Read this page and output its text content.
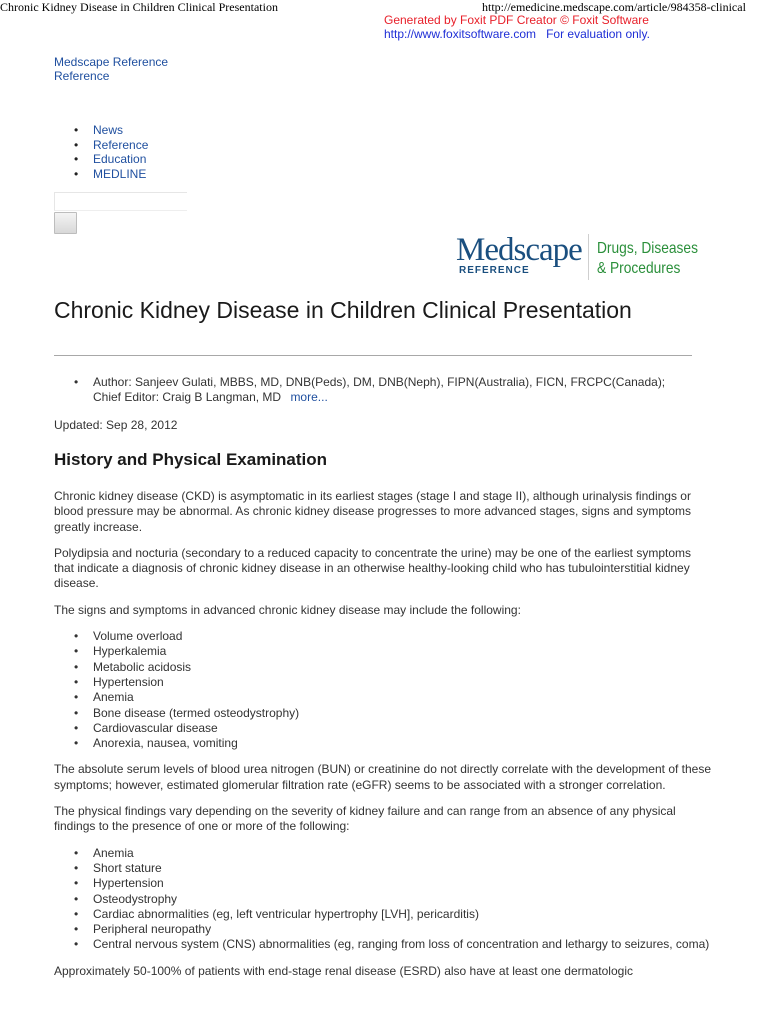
Chronic Kidney Disease in Children Clinical Presentation	http://emedicine.medscape.com/article/984358-clinical
Generated by Foxit PDF Creator © Foxit Software
http://www.foxitsoftware.com For evaluation only.
Medscape Reference
Reference
• News
• Reference
• Education
• MEDLINE
Medscape
REFERENCE
Drugs, Diseases
& Procedures
Chronic Kidney Disease in Children Clinical Presentation
• Author: Sanjeev Gulati, MBBS, MD, DNB(Peds), DM, DNB(Neph), FIPN(Australia), FICN, FRCPC(Canada);
Chief Editor: Craig B Langman, MD more...
Updated: Sep 28, 2012
History and Physical Examination

Chronic kidney disease (CKD) is asymptomatic in its earliest stages (stage I and stage II), although urinalysis findings or blood pressure may be abnormal. As chronic kidney disease progresses to more advanced stages, signs and symptoms greatly increase.

Polydipsia and nocturia (secondary to a reduced capacity to concentrate the urine) may be one of the earliest symptoms that indicate a diagnosis of chronic kidney disease in an otherwise healthy-looking child who has tubulointerstitial kidney disease.

The signs and symptoms in advanced chronic kidney disease may include the following:

• Volume overload
• Hyperkalemia
• Metabolic acidosis
• Hypertension
• Anemia
• Bone disease (termed osteodystrophy)
• Cardiovascular disease
• Anorexia, nausea, vomiting

The absolute serum levels of blood urea nitrogen (BUN) or creatinine do not directly correlate with the development of these symptoms; however, estimated glomerular filtration rate (eGFR) seems to be associated with a stronger correlation.

The physical findings vary depending on the severity of kidney failure and can range from an absence of any physical findings to the presence of one or more of the following:

• Anemia
• Short stature
• Hypertension
• Osteodystrophy
• Cardiac abnormalities (eg, left ventricular hypertrophy [LVH], pericarditis)
• Peripheral neuropathy
• Central nervous system (CNS) abnormalities (eg, ranging from loss of concentration and lethargy to seizures, coma)

Approximately 50-100% of patients with end-stage renal disease (ESRD) also have at least one dermatologic
